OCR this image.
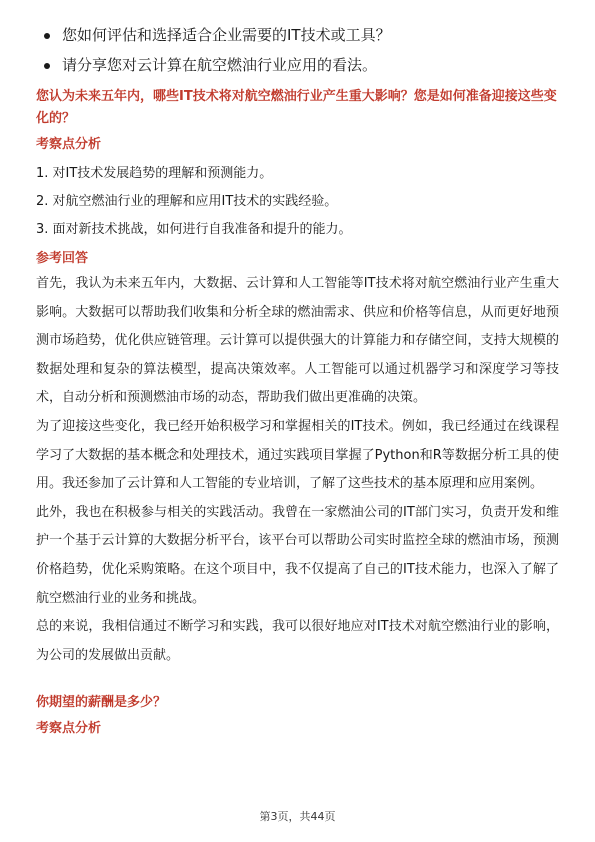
您如何评估和选择适合企业需要的IT技术或工具？
请分享您对云计算在航空燃油行业应用的看法。
您认为未来五年内，哪些IT技术将对航空燃油行业产生重大影响？您是如何准备迎接这些变化的？
考察点分析
1. 对IT技术发展趋势的理解和预测能力。
2. 对航空燃油行业的理解和应用IT技术的实践经验。
3. 面对新技术挑战，如何进行自我准备和提升的能力。
参考回答

首先，我认为未来五年内，大数据、云计算和人工智能等IT技术将对航空燃油行业产生重大影响。大数据可以帮助我们收集和分析全球的燃油需求、供应和价格等信息，从而更好地预测市场趋势，优化供应链管理。云计算可以提供强大的计算能力和存储空间，支持大规模的数据处理和复杂的算法模型，提高决策效率。人工智能可以通过机器学习和深度学习等技术，自动分析和预测燃油市场的动态，帮助我们做出更准确的决策。

为了迎接这些变化，我已经开始积极学习和掌握相关的IT技术。例如，我已经通过在线课程学习了大数据的基本概念和处理技术，通过实践项目掌握了Python和R等数据分析工具的使用。我还参加了云计算和人工智能的专业培训，了解了这些技术的基本原理和应用案例。

此外，我也在积极参与相关的实践活动。我曾在一家燃油公司的IT部门实习，负责开发和维护一个基于云计算的大数据分析平台，该平台可以帮助公司实时监控全球的燃油市场，预测价格趋势，优化采购策略。在这个项目中，我不仅提高了自己的IT技术能力，也深入了解了航空燃油行业的业务和挑战。

总的来说，我相信通过不断学习和实践，我可以很好地应对IT技术对航空燃油行业的影响，为公司的发展做出贡献。

你期望的薪酬是多少？
考察点分析
第3页，共44页
